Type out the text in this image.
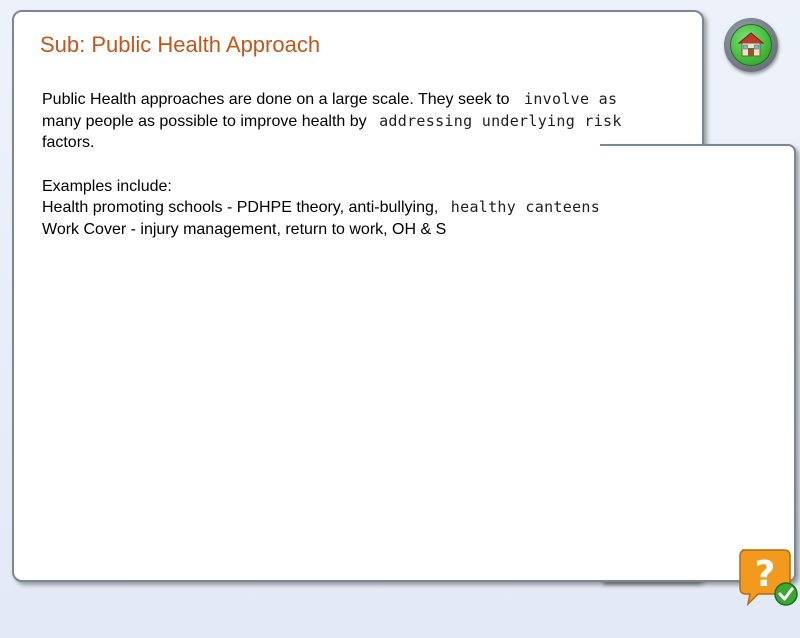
Sub: Public Health Approach
Public Health approaches are done on a large scale. They seek to involve as
many people as possible to improve health by addressing underlying risk
factors.
Examples include:
Health promoting schools - PDHPE theory, anti-bullying, healthy canteens
Work Cover - injury management, return to work, OH & S
?
